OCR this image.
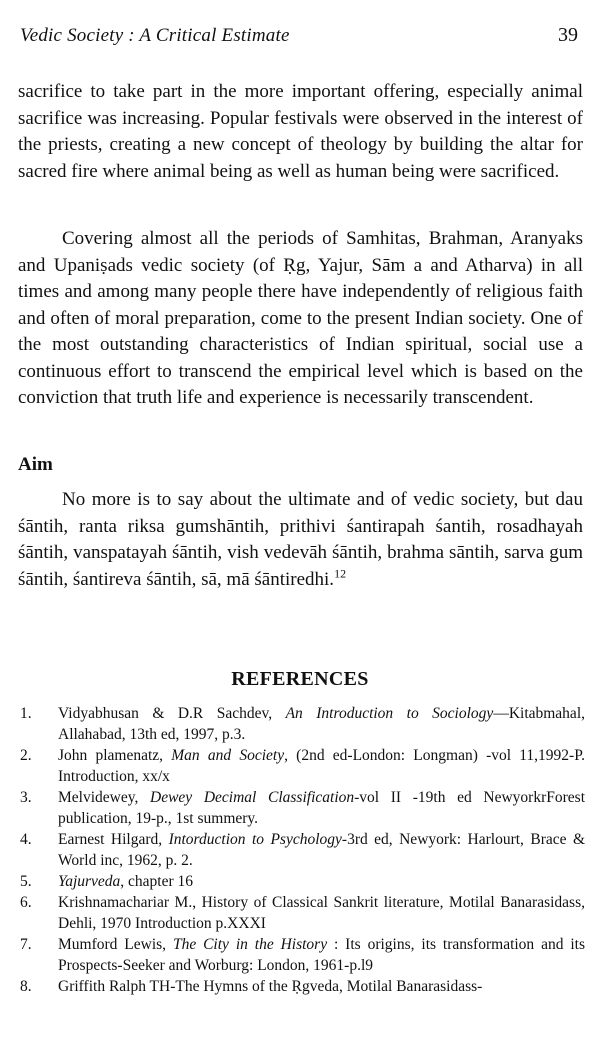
Vedic Society : A Critical Estimate	39

sacrifice to take part in the more important offering, especially animal sacrifice was increasing. Popular festivals were observed in the interest of the priests, creating a new concept of theology by building the altar for sacred fire where animal being as well as human being were sacrificed.

Covering almost all the periods of Samhitas, Brahman, Aranyaks and Upaniṣads vedic society (of Ṛg, Yajur, Sām a and Atharva) in all times and among many people there have independently of religious faith and often of moral preparation, come to the present Indian society. One of the most outstanding characteristics of Indian spiritual, social use a continuous effort to transcend the empirical level which is based on the conviction that truth life and experience is necessarily transcendent.

Aim

No more is to say about the ultimate and of vedic society, but dau śāntih, ranta riksa gumshāntih, prithivi śantirapah śantih, rosadhayah śāntih, vanspatayah śāntih, vish vedevāh śāntih, brahma sāntih, sarva gum śāntih, śantireva śāntih, sā, mā śāntiredhi.$^{12}$

REFERENCES
1.	Vidyabhusan & D.R Sachdev, An Introduction to Sociology—Kitabmahal, Allahabad, 13th ed, 1997, p.3.
2.	John plamenatz, Man and Society, (2nd ed-London: Longman) -vol 11,1992-P. Introduction, xx/x
3.	Melvidewey, Dewey Decimal Classification-vol II -19th ed NewyorkrForest publication, 19-p., 1st summery.
4.	Earnest Hilgard, Intorduction to Psychology-3rd ed, Newyork: Harlourt, Brace & World inc, 1962, p. 2.
5.	Yajurveda, chapter 16
6.	Krishnamachariar M., History of Classical Sankrit literature, Motilal Banarasidass, Dehli, 1970 Introduction p.XXXI
7.	Mumford Lewis, The City in the History : Its origins, its transformation and its Prospects-Seeker and Worburg: London, 1961-p.l9
8.	Griffith Ralph TH-The Hymns of the Ṛgveda, Motilal Banarasidass-
